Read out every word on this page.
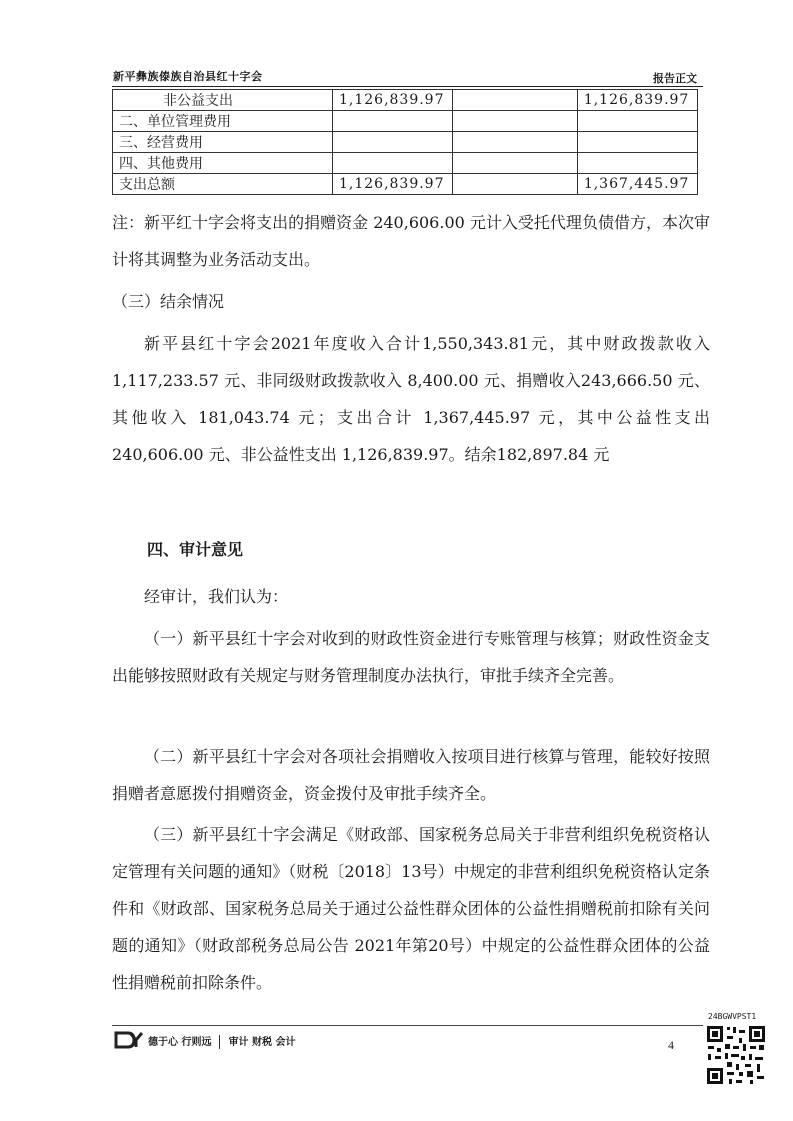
新平彝族傣族自治县红十字会	报告正文
非公益支出	1,126,839.97		1,126,839.97
二、单位管理费用			
三、经营费用			
四、其他费用			
支出总额	1,126,839.97		1,367,445.97
注：新平红十字会将支出的捐赠资金 240,606.00 元计入受托代理负债借方，本次审计将其调整为业务活动支出。
（三）结余情况
新平县红十字会2021年度收入合计1,550,343.81元，其中财政拨款收入 1,117,233.57 元、非同级财政拨款收入 8,400.00 元、捐赠收入243,666.50 元、其他收入 181,043.74 元；支出合计 1,367,445.97 元，其中公益性支出 240,606.00 元、非公益性支出 1,126,839.97。结余182,897.84 元
四、审计意见
经审计，我们认为：
（一）新平县红十字会对收到的财政性资金进行专账管理与核算；财政性资金支出能够按照财政有关规定与财务管理制度办法执行，审批手续齐全完善。
（二）新平县红十字会对各项社会捐赠收入按项目进行核算与管理，能较好按照捐赠者意愿拨付捐赠资金，资金拨付及审批手续齐全。
（三）新平县红十字会满足《财政部、国家税务总局关于非营利组织免税资格认定管理有关问题的通知》（财税〔2018〕13号）中规定的非营利组织免税资格认定条件和《财政部、国家税务总局关于通过公益性群众团体的公益性捐赠税前扣除有关问题的通知》（财政部税务总局公告 2021年第20号）中规定的公益性群众团体的公益性捐赠税前扣除条件。
24BGWVPST1
德于心 行则远 审计 财税 会计	4
